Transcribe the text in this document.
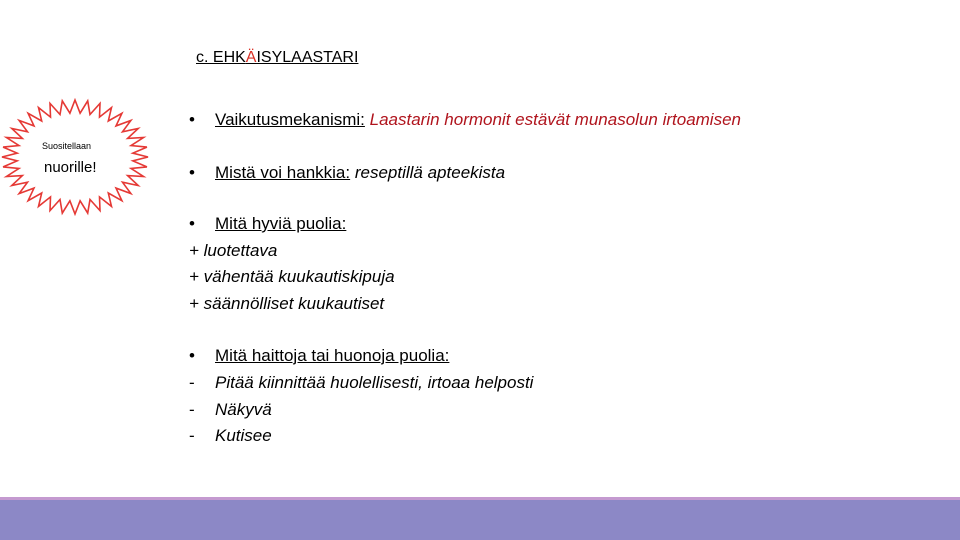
c. EHKÄISYLAASTARI
Suositellaan
nuorille!
• Vaikutusmekanismi: Laastarin hormonit estävät munasolun irtoamisen
• Mistä voi hankkia: reseptillä apteekista
• Mitä hyviä puolia:
+ luotettava
+ vähentää kuukautiskipuja
+ säännölliset kuukautiset
• Mitä haittoja tai huonoja puolia:
- Pitää kiinnittää huolellisesti, irtoaa helposti
- Näkyvä
- Kutisee
